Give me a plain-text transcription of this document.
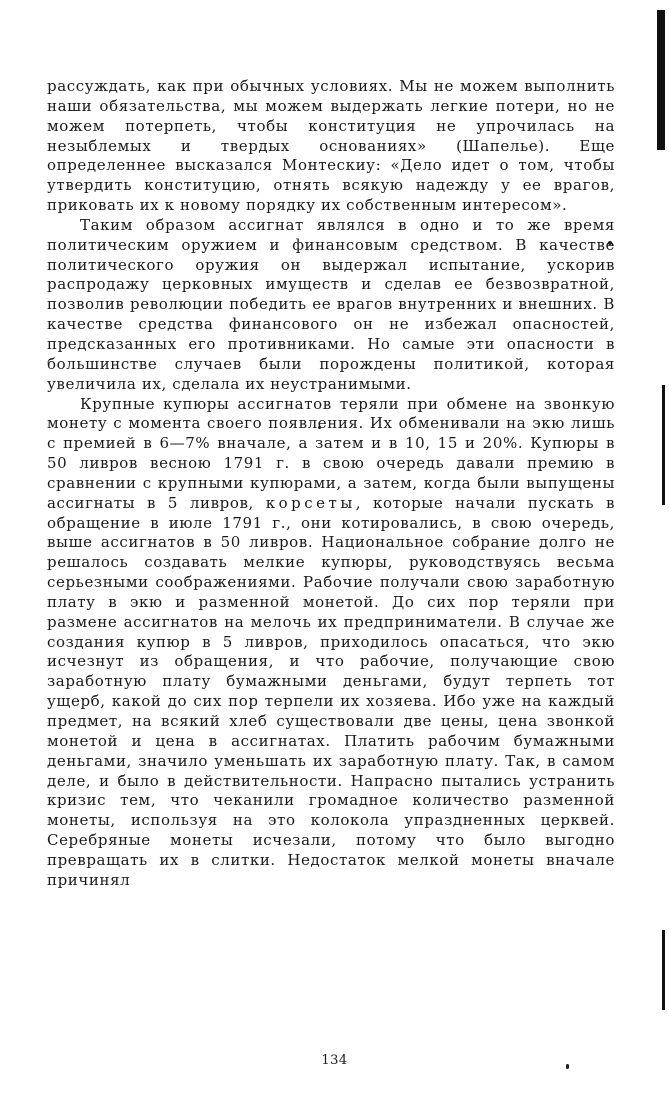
рассуждать, как при обычных условиях. Мы не можем выполнить наши обязательства, мы можем выдержать легкие потери, но не можем потерпеть, чтобы конституция не упрочилась на незыблемых и твердых основаниях» (Шапелье). Еще определеннее высказался Монтескиу: «Дело идет о том, чтобы утвердить конституцию, отнять всякую надежду у ее врагов, приковать их к новому порядку их собственным интересом».

Таким образом ассигнат являлся в одно и то же время политическим оружием и финансовым средством. В качестве политического оружия он выдержал испытание, ускорив распродажу церковных имуществ и сделав ее безвозвратной, позволив революции победить ее врагов внутренних и внешних. В качестве средства финансового он не избежал опасностей, предсказанных его противниками. Но самые эти опасности в большинстве случаев были порождены политикой, которая увеличила их, сделала их неустранимыми.

Крупные купюры ассигнатов теряли при обмене на звонкую монету с момента своего появления. Их обменивали на экю лишь с премией в 6—7% вначале, а затем и в 10, 15 и 20%. Купюры в 50 ливров весною 1791 г. в свою очередь давали премию в сравнении с крупными купюрами, а затем, когда были выпущены ассигнаты в 5 ливров, корсеты, которые начали пускать в обращение в июле 1791 г., они котировались, в свою очередь, выше ассигнатов в 50 ливров. Национальное собрание долго не решалось создавать мелкие купюры, руководствуясь весьма серьезными соображениями. Рабочие получали свою заработную плату в экю и разменной монетой. До сих пор теряли при размене ассигнатов на мелочь их предприниматели. В случае же создания купюр в 5 ливров, приходилось опасаться, что экю исчезнут из обращения, и что рабочие, получающие свою заработную плату бумажными деньгами, будут терпеть тот ущерб, какой до сих пор терпели их хозяева. Ибо уже на каждый предмет, на всякий хлеб существовали две цены, цена звонкой монетой и цена в ассигнатах. Платить рабочим бумажными деньгами, значило уменьшать их заработную плату. Так, в самом деле, и было в действительности. Напрасно пытались устранить кризис тем, что чеканили громадное количество разменной монеты, используя на это колокола упраздненных церквей. Серебряные монеты исчезали, потому что было выгодно превращать их в слитки. Недостаток мелкой монеты вначале причинял

134
